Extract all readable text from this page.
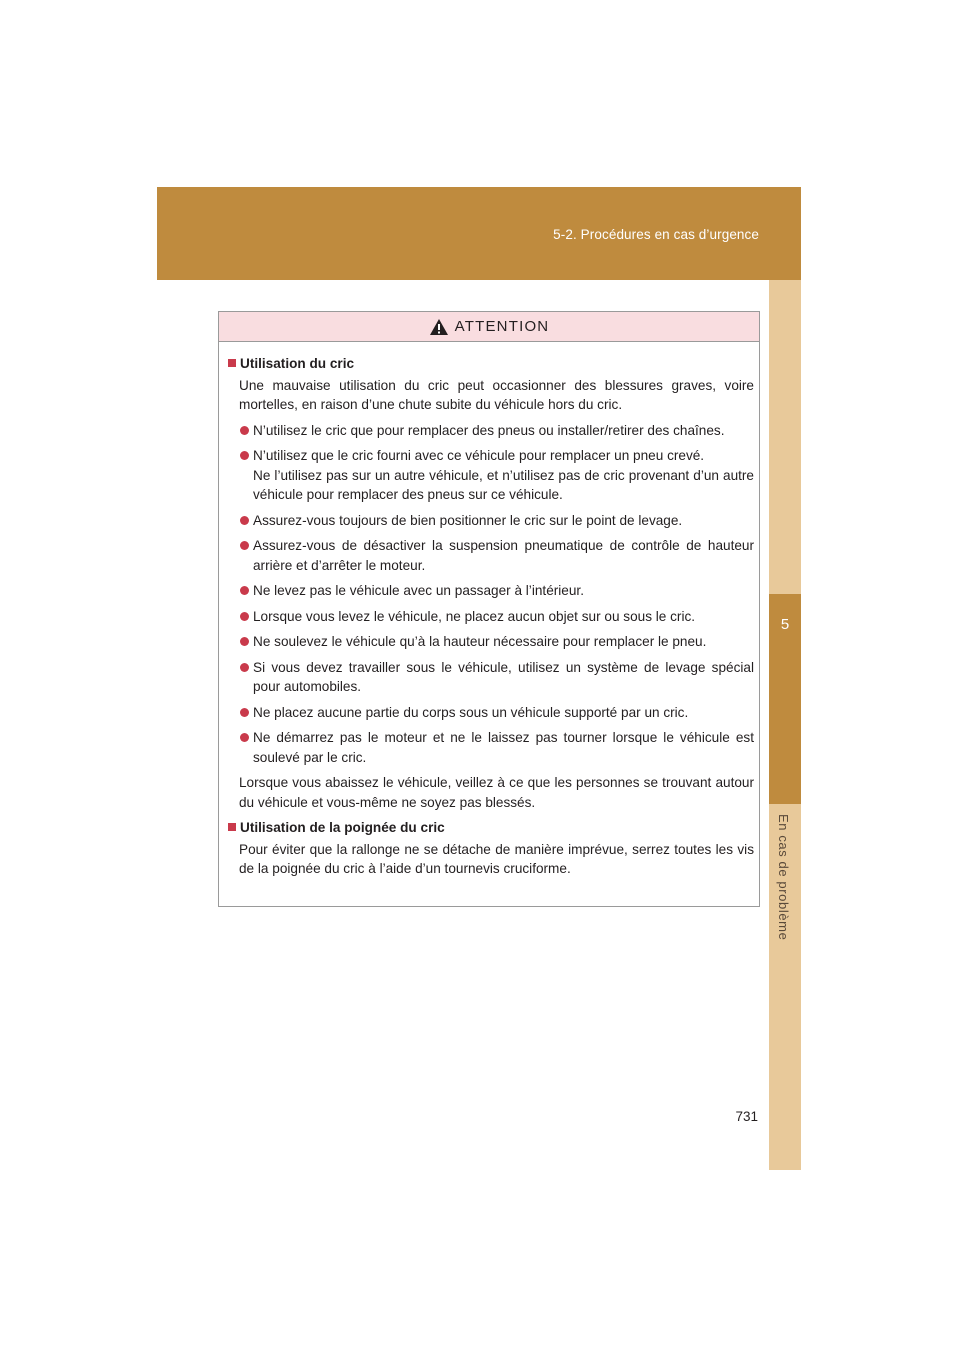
5-2. Procédures en cas d’urgence
5
En cas de problème
ATTENTION
Utilisation du cric
Une mauvaise utilisation du cric peut occasionner des blessures graves, voire mortelles, en raison d’une chute subite du véhicule hors du cric.
N’utilisez le cric que pour remplacer des pneus ou installer/retirer des chaînes.
N’utilisez que le cric fourni avec ce véhicule pour remplacer un pneu crevé.
Ne l’utilisez pas sur un autre véhicule, et n’utilisez pas de cric provenant d’un autre véhicule pour remplacer des pneus sur ce véhicule.
Assurez-vous toujours de bien positionner le cric sur le point de levage.
Assurez-vous de désactiver la suspension pneumatique de contrôle de hauteur arrière et d’arrêter le moteur.
Ne levez pas le véhicule avec un passager à l’intérieur.
Lorsque vous levez le véhicule, ne placez aucun objet sur ou sous le cric.
Ne soulevez le véhicule qu’à la hauteur nécessaire pour remplacer le pneu.
Si vous devez travailler sous le véhicule, utilisez un système de levage spécial pour automobiles.
Ne placez aucune partie du corps sous un véhicule supporté par un cric.
Ne démarrez pas le moteur et ne le laissez pas tourner lorsque le véhicule est soulevé par le cric.
Lorsque vous abaissez le véhicule, veillez à ce que les personnes se trouvant autour du véhicule et vous-même ne soyez pas blessés.
Utilisation de la poignée du cric
Pour éviter que la rallonge ne se détache de manière imprévue, serrez toutes les vis de la poignée du cric à l’aide d’un tournevis cruciforme.
731
